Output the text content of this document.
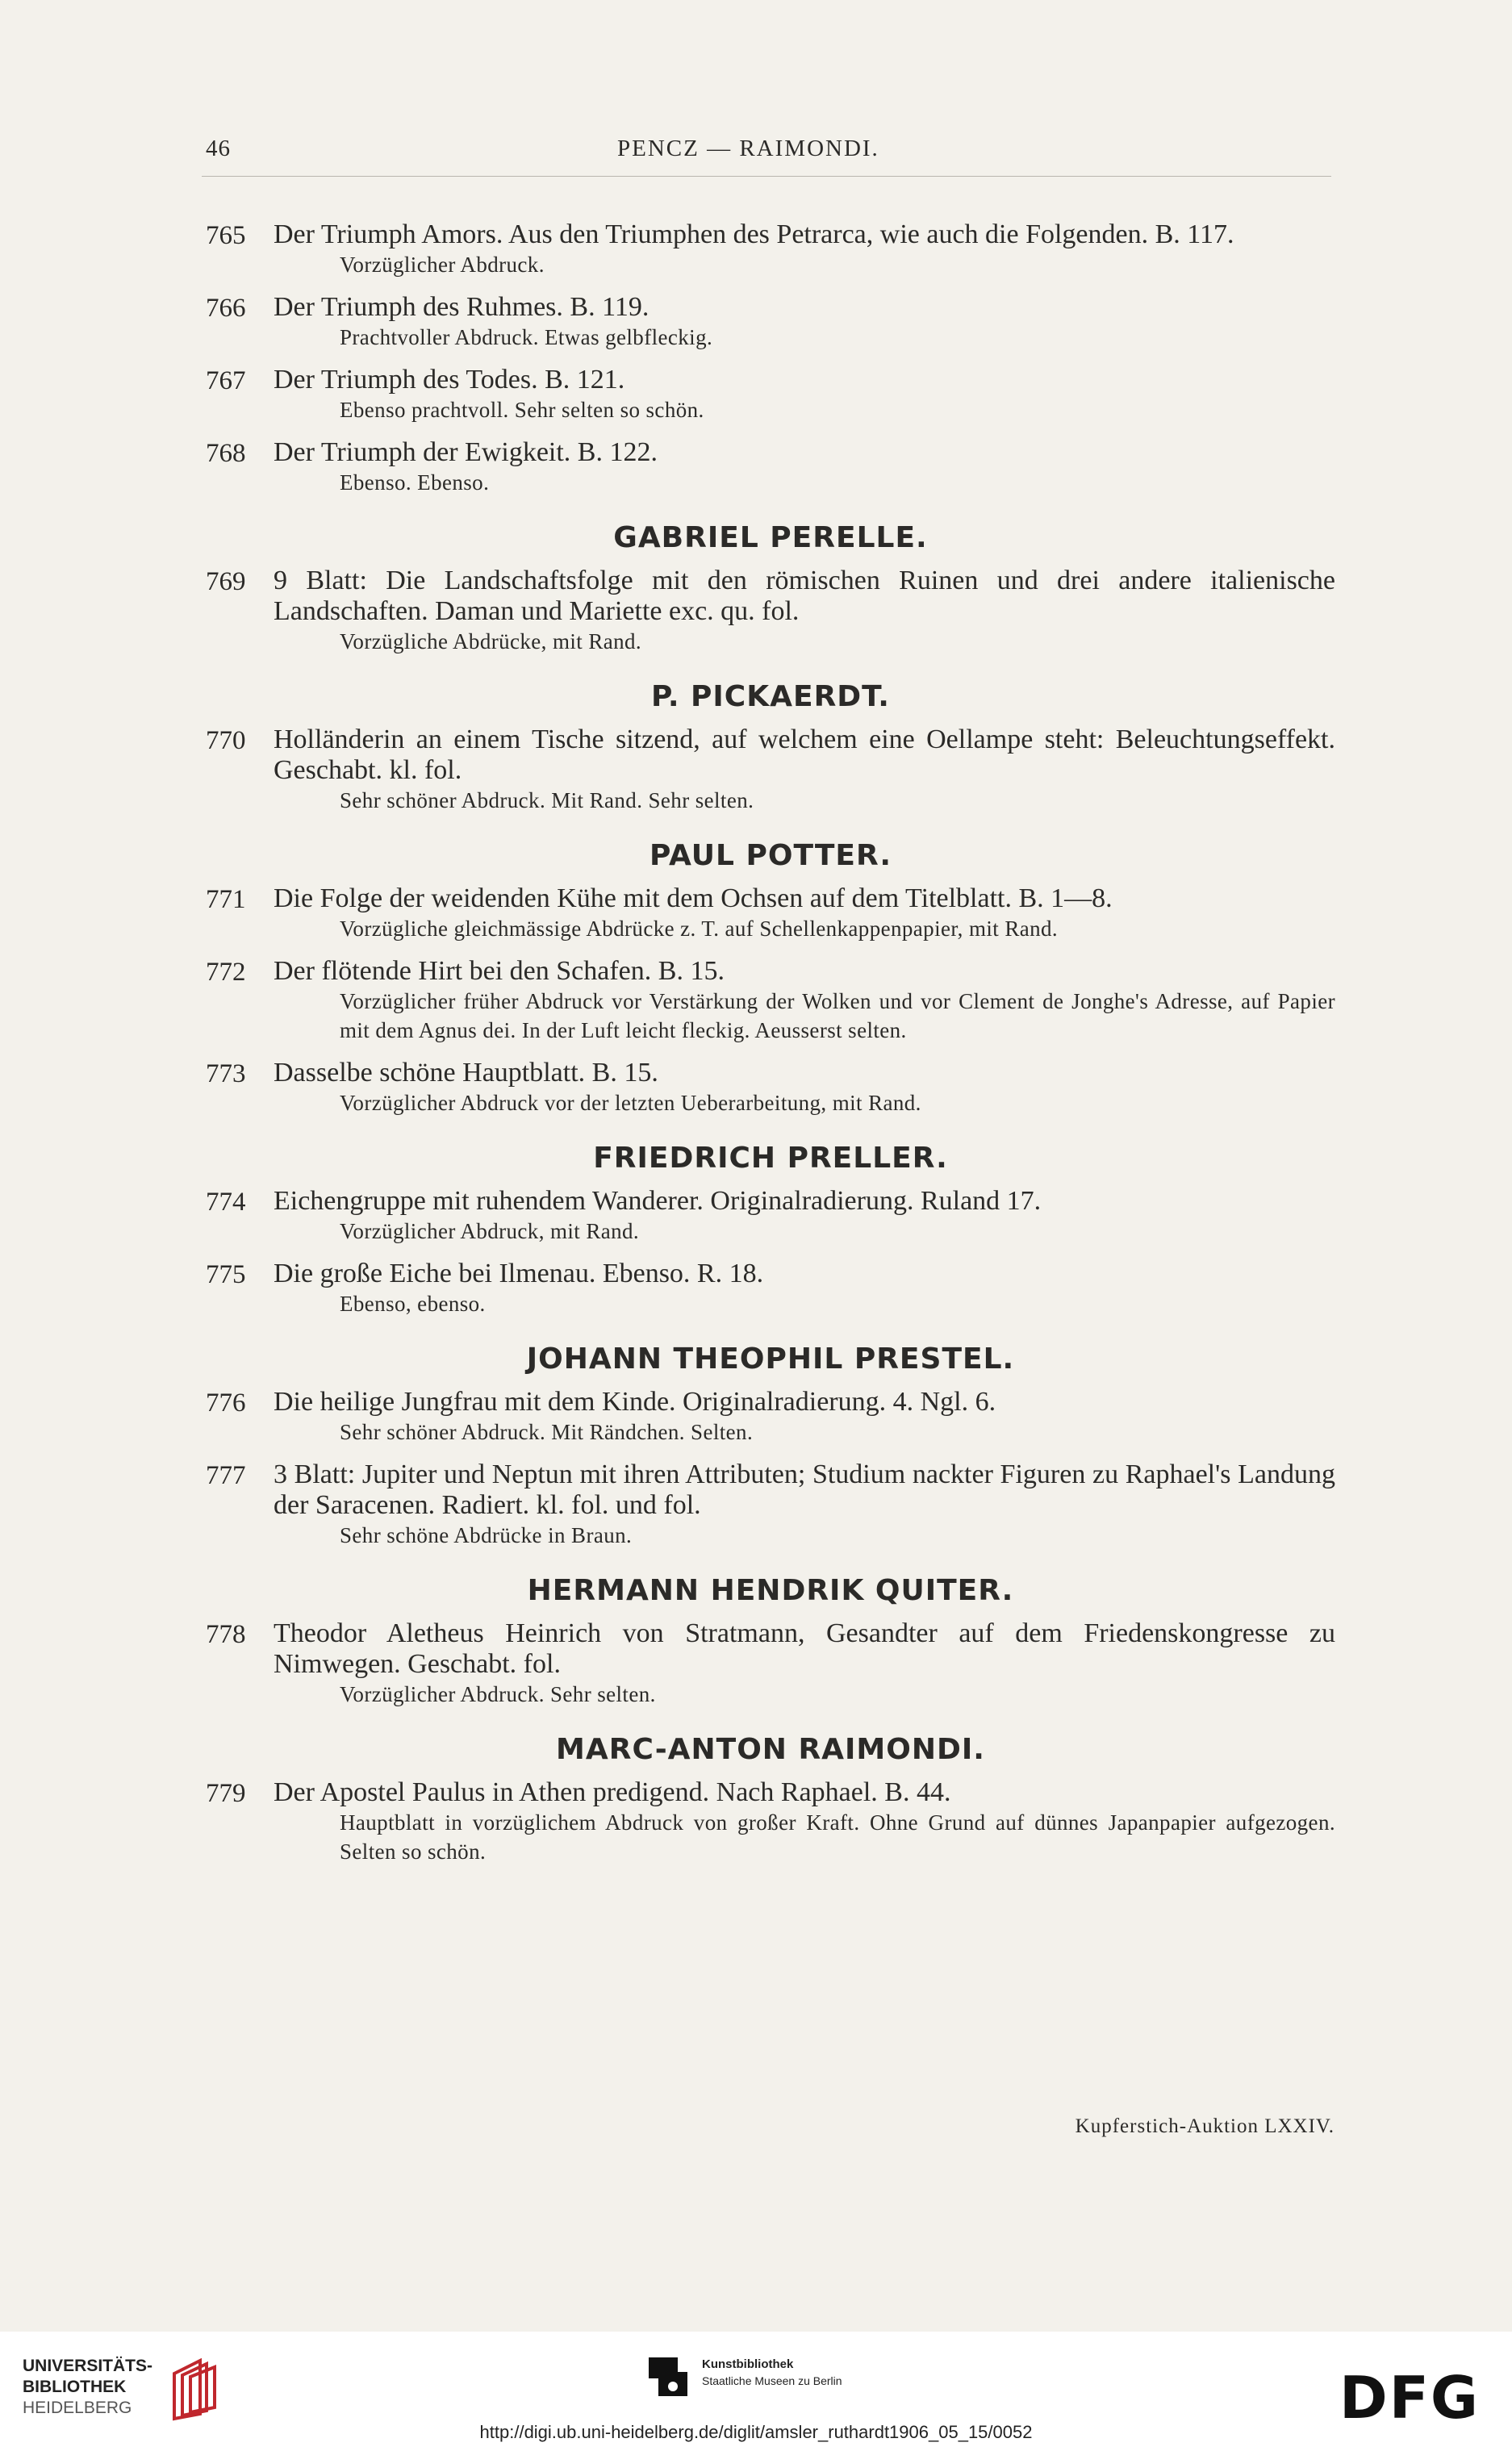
46	PENCZ — RAIMONDI.
765	Der Triumph Amors. Aus den Triumphen des Petrarca, wie auch die Folgenden. B. 117.
Vorzüglicher Abdruck.
766	Der Triumph des Ruhmes. B. 119.
Prachtvoller Abdruck. Etwas gelbfleckig.
767	Der Triumph des Todes. B. 121.
Ebenso prachtvoll. Sehr selten so schön.
768	Der Triumph der Ewigkeit. B. 122.
Ebenso. Ebenso.
GABRIEL PERELLE.
769	9 Blatt: Die Landschaftsfolge mit den römischen Ruinen und drei andere italienische Landschaften. Daman und Mariette exc. qu. fol.
Vorzügliche Abdrücke, mit Rand.
P. PICKAERDT.
770	Holländerin an einem Tische sitzend, auf welchem eine Oellampe steht: Beleuchtungseffekt. Geschabt. kl. fol.
Sehr schöner Abdruck. Mit Rand. Sehr selten.
PAUL POTTER.
771	Die Folge der weidenden Kühe mit dem Ochsen auf dem Titelblatt. B. 1—8.
Vorzügliche gleichmässige Abdrücke z. T. auf Schellenkappenpapier, mit Rand.
772	Der flötende Hirt bei den Schafen. B. 15.
Vorzüglicher früher Abdruck vor Verstärkung der Wolken und vor Clement de Jonghe's Adresse, auf Papier mit dem Agnus dei. In der Luft leicht fleckig. Aeusserst selten.
773	Dasselbe schöne Hauptblatt. B. 15.
Vorzüglicher Abdruck vor der letzten Ueberarbeitung, mit Rand.
FRIEDRICH PRELLER.
774	Eichengruppe mit ruhendem Wanderer. Originalradierung. Ruland 17.
Vorzüglicher Abdruck, mit Rand.
775	Die große Eiche bei Ilmenau. Ebenso. R. 18.
Ebenso, ebenso.
JOHANN THEOPHIL PRESTEL.
776	Die heilige Jungfrau mit dem Kinde. Originalradierung. 4. Ngl. 6.
Sehr schöner Abdruck. Mit Rändchen. Selten.
777	3 Blatt: Jupiter und Neptun mit ihren Attributen; Studium nackter Figuren zu Raphael's Landung der Saracenen. Radiert. kl. fol. und fol.
Sehr schöne Abdrücke in Braun.
HERMANN HENDRIK QUITER.
778	Theodor Aletheus Heinrich von Stratmann, Gesandter auf dem Friedenskongresse zu Nimwegen. Geschabt. fol.
Vorzüglicher Abdruck. Sehr selten.
MARC-ANTON RAIMONDI.
779	Der Apostel Paulus in Athen predigend. Nach Raphael. B. 44.
Hauptblatt in vorzüglichem Abdruck von großer Kraft. Ohne Grund auf dünnes Japanpapier aufgezogen. Selten so schön.
Kupferstich-Auktion LXXIV.
UNIVERSITÄTS-
BIBLIOTHEK
HEIDELBERG
Kunstbibliothek
Staatliche Museen zu Berlin	DFG
http://digi.ub.uni-heidelberg.de/diglit/amsler_ruthardt1906_05_15/0052
